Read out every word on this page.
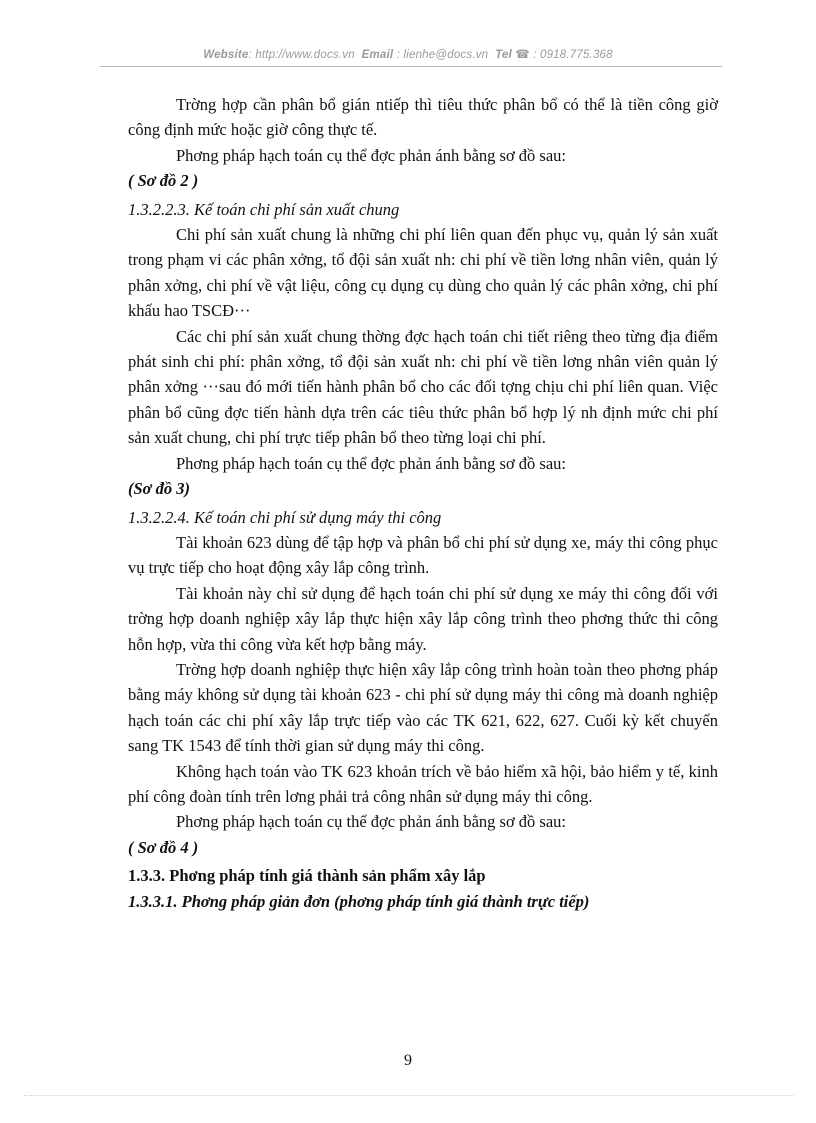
Website: http://www.docs.vn Email : lienhe@docs.vn Tel ☎ : 0918.775.368

Trờng hợp cần phân bổ gián ntiếp thì tiêu thức phân bổ có thể là tiền công giờ công định mức hoặc giờ công thực tế.

Phơng pháp hạch toán cụ thể đợc phản ánh bằng sơ đồ sau:

( Sơ đồ 2 )

1.3.2.2.3. Kế toán chi phí sản xuất chung

Chi phí sản xuất chung là những chi phí liên quan đến phục vụ, quản lý sản xuất trong phạm vi các phân xởng, tổ đội sản xuất nh: chi phí về tiền lơng nhân viên, quản lý phân xởng, chi phí về vật liệu, công cụ dụng cụ dùng cho quản lý các phân xởng, chi phí khấu hao TSCĐ···

Các chi phí sản xuất chung thờng đợc hạch toán chi tiết riêng theo từng địa điểm phát sinh chi phí: phân xởng, tổ đội sản xuất nh: chi phí về tiền lơng nhân viên quản lý phân xởng ···sau đó mới tiến hành phân bổ cho các đối tợng chịu chi phí liên quan. Việc phân bổ cũng đợc tiến hành dựa trên các tiêu thức phân bổ hợp lý nh định mức chi phí sản xuất chung, chi phí trực tiếp phân bổ theo từng loại chi phí.

Phơng pháp hạch toán cụ thể đợc phản ánh bằng sơ đồ sau:

(Sơ đồ 3)

1.3.2.2.4. Kế toán chi phí sử dụng máy thi công

Tài khoản 623 dùng để tập hợp và phân bổ chi phí sử dụng xe, máy thi công phục vụ trực tiếp cho hoạt động xây lắp công trình.

Tài khoản này chỉ sử dụng để hạch toán chi phí sử dụng xe máy thi công đối với trờng hợp doanh nghiệp xây lắp thực hiện xây lắp công trình theo phơng thức thi công hỗn hợp, vừa thi công vừa kết hợp bằng máy.

Trờng hợp doanh nghiệp thực hiện xây lắp công trình hoàn toàn theo phơng pháp bằng máy không sử dụng tài khoản 623 - chi phí sử dụng máy thi công mà doanh nghiệp hạch toán các chi phí xây lắp trực tiếp vào các TK 621, 622, 627. Cuối kỳ kết chuyển sang TK 1543 để tính thời gian sử dụng máy thi công.

Không hạch toán vào TK 623 khoản trích về bảo hiểm xã hội, bảo hiểm y tế, kinh phí công đoàn tính trên lơng phải trả công nhân sử dụng máy thi công.

Phơng pháp hạch toán cụ thể đợc phản ánh bằng sơ đồ sau:

( Sơ đồ 4 )

1.3.3. Phơng pháp tính giá thành sản phẩm xây lắp

1.3.3.1. Phơng pháp giản đơn (phơng pháp tính giá thành trực tiếp)

9
